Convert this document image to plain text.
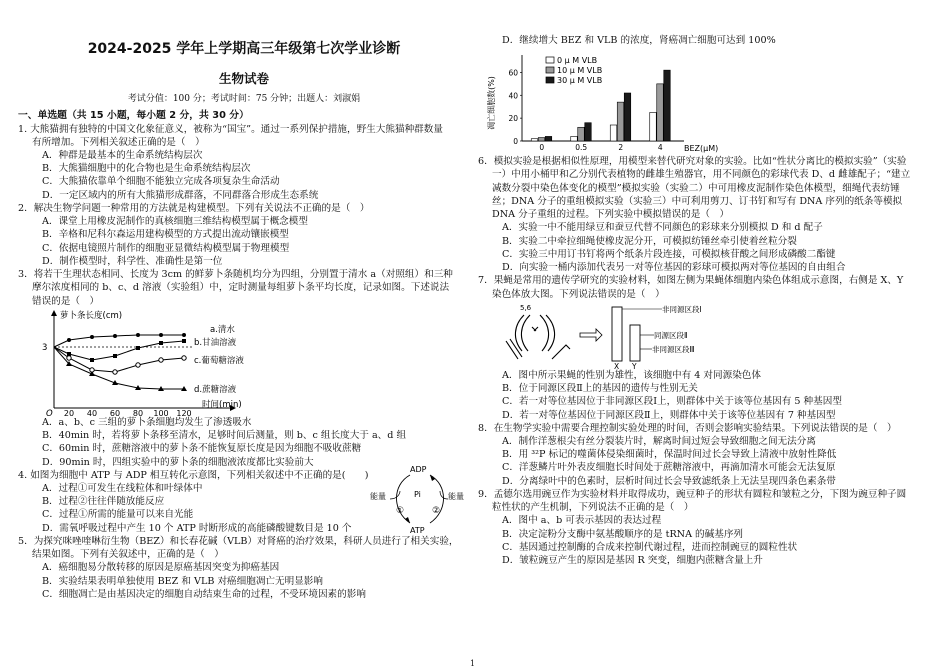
2024-2025 学年上学期高三年级第七次学业诊断
生物试卷
考试分值：100 分；考试时间：75 分钟；出题人：刘淑娟
一、单选题（共 15 小题，每小题 2 分，共 30 分）

1. 大熊猫拥有独特的中国文化象征意义，被称为“国宝”。通过一系列保护措施，野生大熊猫种群数量

有所增加。下列相关叙述正确的是（　）

A．种群是最基本的生命系统结构层次

B．大熊猫细胞中的化合物也是生命系统结构层次

C．大熊猫依靠单个细胞不能独立完成各项复杂生命活动

D．一定区域内的所有大熊猫形成群落，不同群落合形成生态系统

2．解决生物学问题一种常用的方法就是构建模型。下列有关说法不正确的是（　）

A．课堂上用橡皮泥制作的真核细胞三维结构模型属于概念模型

B．辛格和尼科尔森运用建构模型的方式提出流动镶嵌模型

C．依据电镜照片制作的细胞亚显微结构模型属于物理模型

D．制作模型时，科学性、准确性是第一位

3．将若干生理状态相同、长度为 3cm 的鲜萝卜条随机均分为四组，分别置于清水 a（对照组）和三种

摩尔浓度相同的 b、c、d 溶液（实验组）中，定时测量每组萝卜条平均长度，记录如图。下述说法

错误的是（　）

萝卜条长度(cm)
时间(min)
3
O 20 40 60 80 100 120
a.清水
b.甘油溶液
c.葡萄糖溶液
d.蔗糖溶液

A．a、b、c 三组的萝卜条细胞均发生了渗透吸水

B．40min 时，若将萝卜条移至清水，足够时间后测量，则 b、c 组长度大于 a、d 组

C．60min 时，蔗糖溶液中的萝卜条不能恢复原长度是因为细胞不吸收蔗糖

D．90min 时，四组实验中的萝卜条的细胞液浓度都比实验前大

4. 如图为细胞中 ATP 与 ADP 相互转化示意图，下列相关叙述中不正确的是(　　)

A．过程①可发生在线粒体和叶绿体中

B．过程②往往伴随放能反应

C．过程①所需的能量可以来自光能

D．需氧呼吸过程中产生 10 个 ATP 时断形成的高能磷酸键数目是 10 个

ADP
Pi
ATP
能量	能量
①	②

5．为探究咪唑喹啉衍生物（BEZ）和长春花碱（VLB）对肾癌的治疗效果，科研人员进行了相关实验，

结果如图。下列有关叙述中，正确的是（　）

A．癌细胞易分散转移的原因是原癌基因突变为抑癌基因

B．实验结果表明单独使用 BEZ 和 VLB 对癌细胞凋亡无明显影响

C．细胞凋亡是由基因决定的细胞自动结束生命的过程，不受环境因素的影响

D．继续增大 BEZ 和 VLB 的浓度，肾癌凋亡细胞可达到 100%

凋亡细胞数(%)
0
20
40
60
0	0.5	2	4	BEZ(μM)
0 μ M VLB
10 μ M VLB
30 μ M VLB

6．模拟实验是根据相似性原理，用模型来替代研究对象的实验。比如“性状分离比的模拟实验”（实验

一）中用小桶甲和乙分别代表植物的雌雄生殖器官，用不同颜色的彩球代表 D、d 雌雄配子；“建立

减数分裂中染色体变化的模型”模拟实验（实验二）中可用橡皮泥制作染色体模型，细绳代表纺锤

丝；DNA 分子的重组模拟实验（实验三）中可利用剪刀、订书钉和写有 DNA 序列的纸条等模拟

DNA 分子重组的过程。下列实验中模拟错误的是（　）

A．实验一中不能用绿豆和蚕豆代替不同颜色的彩球来分别模拟 D 和 d 配子

B．实验二中牵拉细绳使橡皮泥分开，可模拟纺锤丝牵引使着丝粒分裂

C．实验三中用订书钉将两个纸条片段连接，可模拟核苷酸之间形成磷酸二酯键

D．向实验一桶内添加代表另一对等位基因的彩球可模拟两对等位基因的自由组合

7．果蝇是常用的遗传学研究的实验材料，如图左侧为果蝇体细胞内染色体组成示意图，右侧是 X、Y

染色体放大图。下列说法错误的是（　）

5,6	非同源区段Ⅰ
同源区段Ⅱ
非同源区段Ⅲ
X Y

A．图中所示果蝇的性别为雄性，该细胞中有 4 对同源染色体

B．位于同源区段Ⅱ上的基因的遗传与性别无关

C．若一对等位基因位于非同源区段Ⅰ上，则群体中关于该等位基因有 5 种基因型

D．若一对等位基因位于同源区段Ⅱ上，则群体中关于该等位基因有 7 种基因型

8．在生物学实验中需要合理控制实验处理的时间，否则会影响实验结果。下列说法错误的是（　）

A．制作洋葱根尖有丝分裂装片时，解离时间过短会导致细胞之间无法分离

B．用 ³²P 标记的噬菌体侵染细菌时，保温时间过长会导致上清液中放射性降低

C．洋葱鳞片叶外表皮细胞长时间处于蔗糖溶液中，再滴加清水可能会无法复原

D．分离绿叶中的色素时，层析时间过长会导致滤纸条上无法呈现四条色素条带

9．孟德尔选用豌豆作为实验材料并取得成功，豌豆种子的形状有圆粒和皱粒之分，下图为豌豆种子圆

粒性状的产生机制，下列说法不正确的是（　）

A．图中 a、b 可表示基因的表达过程

B．决定淀粉分支酶中氨基酸顺序的是 tRNA 的碱基序列

C．基因通过控制酶的合成来控制代谢过程，进而控制豌豆的圆粒性状

D．皱粒豌豆产生的原因是基因 R 突变，细胞内蔗糖含量上升

1
